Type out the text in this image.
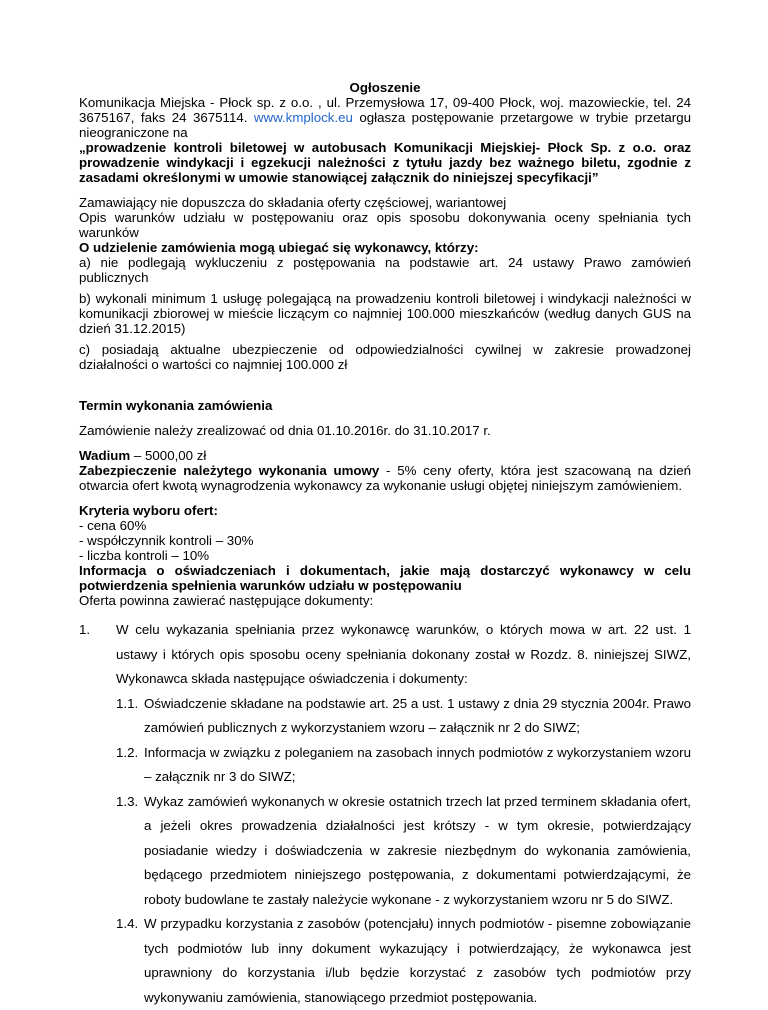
Ogłoszenie

Komunikacja Miejska - Płock sp. z o.o. , ul. Przemysłowa 17, 09-400 Płock, woj. mazowieckie, tel. 24 3675167, faks 24 3675114. www.kmplock.eu ogłasza postępowanie przetargowe w trybie przetargu nieograniczone na

„prowadzenie kontroli biletowej w autobusach Komunikacji Miejskiej- Płock Sp. z o.o. oraz prowadzenie windykacji i egzekucji należności z tytułu jazdy bez ważnego biletu, zgodnie z zasadami określonymi w umowie stanowiącej załącznik do niniejszej specyfikacji”

Zamawiający nie dopuszcza do składania oferty częściowej, wariantowej

Opis warunków udziału w postępowaniu oraz opis sposobu dokonywania oceny spełniania tych warunków

O udzielenie zamówienia mogą ubiegać się wykonawcy, którzy:

a) nie podlegają wykluczeniu z postępowania na podstawie art. 24 ustawy Prawo zamówień publicznych

b) wykonali minimum 1 usługę polegającą na prowadzeniu kontroli biletowej i windykacji należności w komunikacji zbiorowej w mieście liczącym co najmniej 100.000 mieszkańców (według danych GUS na dzień 31.12.2015)

c) posiadają aktualne ubezpieczenie od odpowiedzialności cywilnej w zakresie prowadzonej działalności o wartości co najmniej 100.000 zł

Termin wykonania zamówienia

Zamówienie należy zrealizować od dnia 01.10.2016r. do 31.10.2017 r.

Wadium – 5000,00 zł

Zabezpieczenie należytego wykonania umowy - 5% ceny oferty, która jest szacowaną na dzień otwarcia ofert kwotą wynagrodzenia wykonawcy za wykonanie usługi objętej niniejszym zamówieniem.

Kryteria wyboru ofert:

- cena 60%
- współczynnik kontroli – 30%
- liczba kontroli – 10%

Informacja o oświadczeniach i dokumentach, jakie mają dostarczyć wykonawcy w celu potwierdzenia spełnienia warunków udziału w postępowaniu

Oferta powinna zawierać następujące dokumenty:

1. W celu wykazania spełniania przez wykonawcę warunków, o których mowa w art. 22 ust. 1 ustawy i których opis sposobu oceny spełniania dokonany został w Rozdz. 8. niniejszej SIWZ, Wykonawca składa następujące oświadczenia i dokumenty:
1.1. Oświadczenie składane na podstawie art. 25 a ust. 1 ustawy z dnia 29 stycznia 2004r. Prawo zamówień publicznych z wykorzystaniem wzoru – załącznik nr 2 do SIWZ;
1.2. Informacja w związku z poleganiem na zasobach innych podmiotów z wykorzystaniem wzoru – załącznik nr 3 do SIWZ;
1.3. Wykaz zamówień wykonanych w okresie ostatnich trzech lat przed terminem składania ofert, a jeżeli okres prowadzenia działalności jest krótszy - w tym okresie, potwierdzający posiadanie wiedzy i doświadczenia w zakresie niezbędnym do wykonania zamówienia, będącego przedmiotem niniejszego postępowania, z dokumentami potwierdzającymi, że roboty budowlane te zastały należycie wykonane - z wykorzystaniem wzoru nr 5 do SIWZ.
1.4. W przypadku korzystania z zasobów (potencjału) innych podmiotów - pisemne zobowiązanie tych podmiotów lub inny dokument wykazujący i potwierdzający, że wykonawca jest uprawniony do korzystania i/lub będzie korzystać z zasobów tych podmiotów przy wykonywaniu zamówienia, stanowiącego przedmiot postępowania.
